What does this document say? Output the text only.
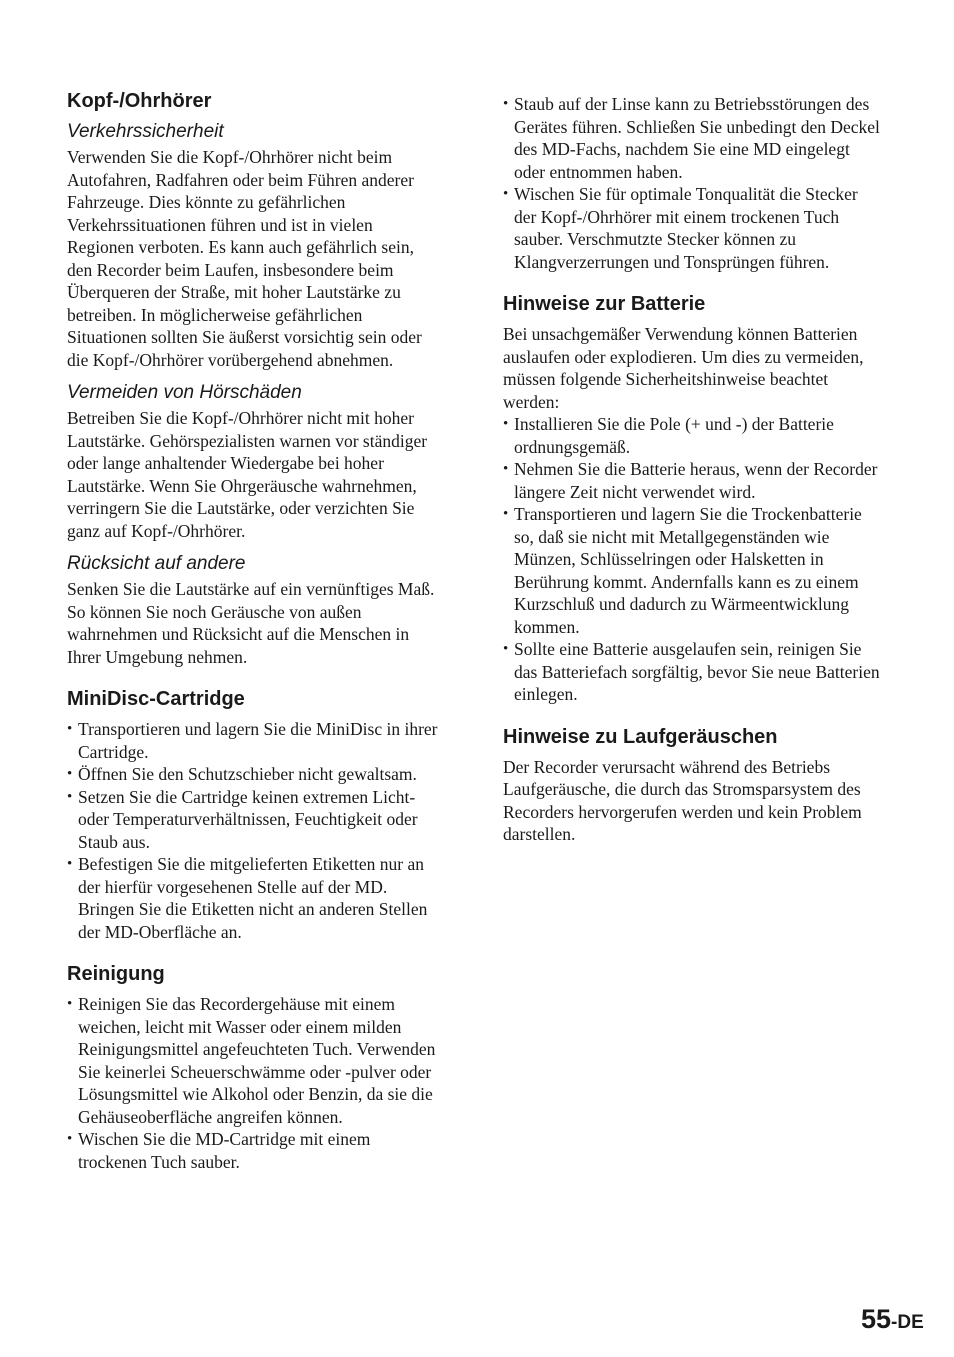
Kopf-/Ohrhörer
Verkehrssicherheit

Verwenden Sie die Kopf-/Ohrhörer nicht beim Autofahren, Radfahren oder beim Führen anderer Fahrzeuge. Dies könnte zu gefährlichen Verkehrssituationen führen und ist in vielen Regionen verboten. Es kann auch gefährlich sein, den Recorder beim Laufen, insbesondere beim Überqueren der Straße, mit hoher Lautstärke zu betreiben. In möglicherweise gefährlichen Situationen sollten Sie äußerst vorsichtig sein oder die Kopf-/Ohrhörer vorübergehend abnehmen.

Vermeiden von Hörschäden

Betreiben Sie die Kopf-/Ohrhörer nicht mit hoher Lautstärke. Gehörspezialisten warnen vor ständiger oder lange anhaltender Wiedergabe bei hoher Lautstärke. Wenn Sie Ohrgeräusche wahrnehmen, verringern Sie die Lautstärke, oder verzichten Sie ganz auf Kopf-/Ohrhörer.

Rücksicht auf andere

Senken Sie die Lautstärke auf ein vernünftiges Maß. So können Sie noch Geräusche von außen wahrnehmen und Rücksicht auf die Menschen in Ihrer Umgebung nehmen.

MiniDisc-Cartridge
• Transportieren und lagern Sie die MiniDisc in ihrer Cartridge.
• Öffnen Sie den Schutzschieber nicht gewaltsam.
• Setzen Sie die Cartridge keinen extremen Licht- oder Temperaturverhältnissen, Feuchtigkeit oder Staub aus.
• Befestigen Sie die mitgelieferten Etiketten nur an der hierfür vorgesehenen Stelle auf der MD. Bringen Sie die Etiketten nicht an anderen Stellen der MD-Oberfläche an.
Reinigung
• Reinigen Sie das Recordergehäuse mit einem weichen, leicht mit Wasser oder einem milden Reinigungsmittel angefeuchteten Tuch. Verwenden Sie keinerlei Scheuerschwämme oder -pulver oder Lösungsmittel wie Alkohol oder Benzin, da sie die Gehäuseoberfläche angreifen können.
• Wischen Sie die MD-Cartridge mit einem trockenen Tuch sauber.
• Staub auf der Linse kann zu Betriebsstörungen des Gerätes führen. Schließen Sie unbedingt den Deckel des MD-Fachs, nachdem Sie eine MD eingelegt oder entnommen haben.
• Wischen Sie für optimale Tonqualität die Stecker der Kopf-/Ohrhörer mit einem trockenen Tuch sauber. Verschmutzte Stecker können zu Klangverzerrungen und Tonsprüngen führen.
Hinweise zur Batterie

Bei unsachgemäßer Verwendung können Batterien auslaufen oder explodieren. Um dies zu vermeiden, müssen folgende Sicherheitshinweise beachtet werden:

• Installieren Sie die Pole (+ und -) der Batterie ordnungsgemäß.
• Nehmen Sie die Batterie heraus, wenn der Recorder längere Zeit nicht verwendet wird.
• Transportieren und lagern Sie die Trockenbatterie so, daß sie nicht mit Metallgegenständen wie Münzen, Schlüsselringen oder Halsketten in Berührung kommt. Andernfalls kann es zu einem Kurzschluß und dadurch zu Wärmeentwicklung kommen.
• Sollte eine Batterie ausgelaufen sein, reinigen Sie das Batteriefach sorgfältig, bevor Sie neue Batterien einlegen.
Hinweise zu Laufgeräuschen

Der Recorder verursacht während des Betriebs Laufgeräusche, die durch das Stromsparsystem des Recorders hervorgerufen werden und kein Problem darstellen.

55-DE
